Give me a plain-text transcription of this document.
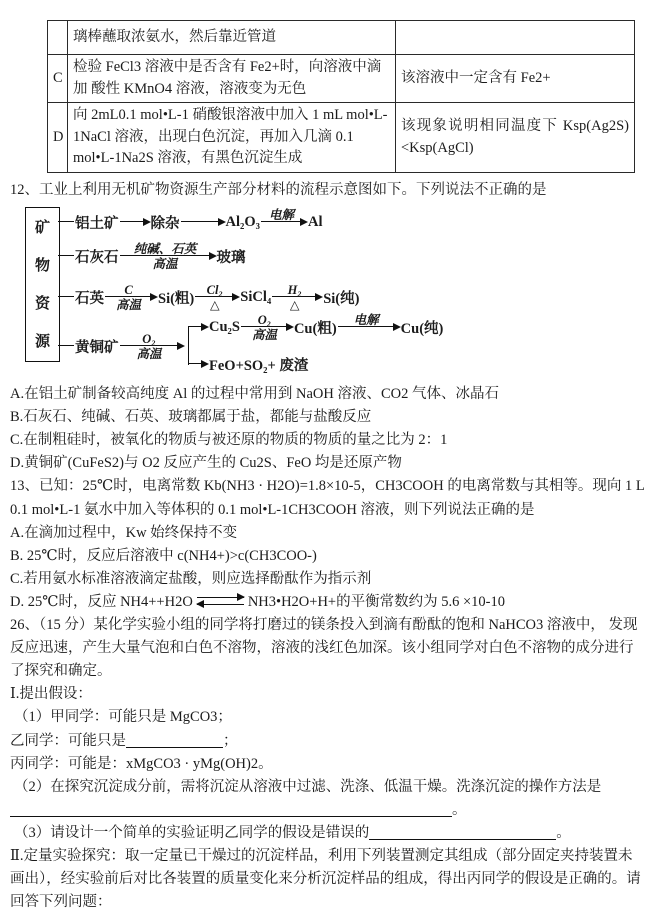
	璃棒蘸取浓氨水，然后靠近管道	
C	检验 FeCl3 溶液中是否含有 Fe2+时，向溶液中滴加 酸性 KMnO4 溶液，溶液变为无色	该溶液中一定含有 Fe2+
D	向 2mL0.1 mol•L-1 硝酸银溶液中加入 1 mL mol•L-1NaCl 溶液，出现白色沉淀，再加入几滴 0.1 mol•L-1Na2S 溶液，有黑色沉淀生成	该现象说明相同温度下 Ksp(Ag2S)<Ksp(AgCl)

12、工业上利用无机矿物资源生产部分材料的流程示意图如下。下列说法不正确的是

矿物资源
铝土矿 除杂	Al₂O₃ 电解 Al
石灰石
纯碱、石英
高温	玻璃
石英
C
高温	Si(粗)
Cl₂
△
SiCl₄	H₂
△	Si(纯)
黄铜矿
O₂
高温
Cu₂S	O₂
高温	Cu(粗)
电解
Cu(纯)
FeO+SO₂+ 废渣

A.在铝土矿制备较高纯度 Al 的过程中常用到 NaOH 溶液、CO2 气体、冰晶石

B.石灰石、纯碱、石英、玻璃都属于盐，都能与盐酸反应

C.在制粗硅时，被氧化的物质与被还原的物质的物质的量之比为 2：1

D.黄铜矿(CuFeS2)与 O2 反应产生的 Cu2S、FeO 均是还原产物

13、已知：25℃时，电离常数 Kb(NH3 · H2O)=1.8×10-5，CH3COOH 的电离常数与其相等。现向 1 L

0.1 mol•L-1 氨水中加入等体积的 0.1 mol•L-1CH3COOH 溶液，则下列说法正确的是

A.在滴加过程中，Kw 始终保持不变

B. 25℃时，反应后溶液中 c(NH4+)>c(CH3COO-)

C.若用氨水标准溶液滴定盐酸，则应选择酚酞作为指示剂

D. 25℃时，反应 NH4++H2O ⇌ NH3•H2O+H+的平衡常数约为 5.6 ×10-10

26、（15 分）某化学实验小组的同学将打磨过的镁条投入到滴有酚酞的饱和 NaHCO3 溶液中， 发现

反应迅速，产生大量气泡和白色不溶物，溶液的浅红色加深。该小组同学对白色不溶物的成分进行

了探究和确定。

Ⅰ.提出假设：

（1）甲同学：可能只是 MgCO3；

乙同学：可能只是	；

丙同学：可能是：xMgCO3 · yMg(OH)2。

（2）在探究沉淀成分前，需将沉淀从溶液中过滤、洗涤、低温干燥。洗涤沉淀的操作方法是

。

（3）请设计一个简单的实验证明乙同学的假设是错误的	。

Ⅱ.定量实验探究：取一定量已干燥过的沉淀样品，利用下列装置测定其组成（部分固定夹持装置未

画出），经实验前后对比各装置的质量变化来分析沉淀样品的组成，得出丙同学的假设是正确的。请

回答下列问题：
